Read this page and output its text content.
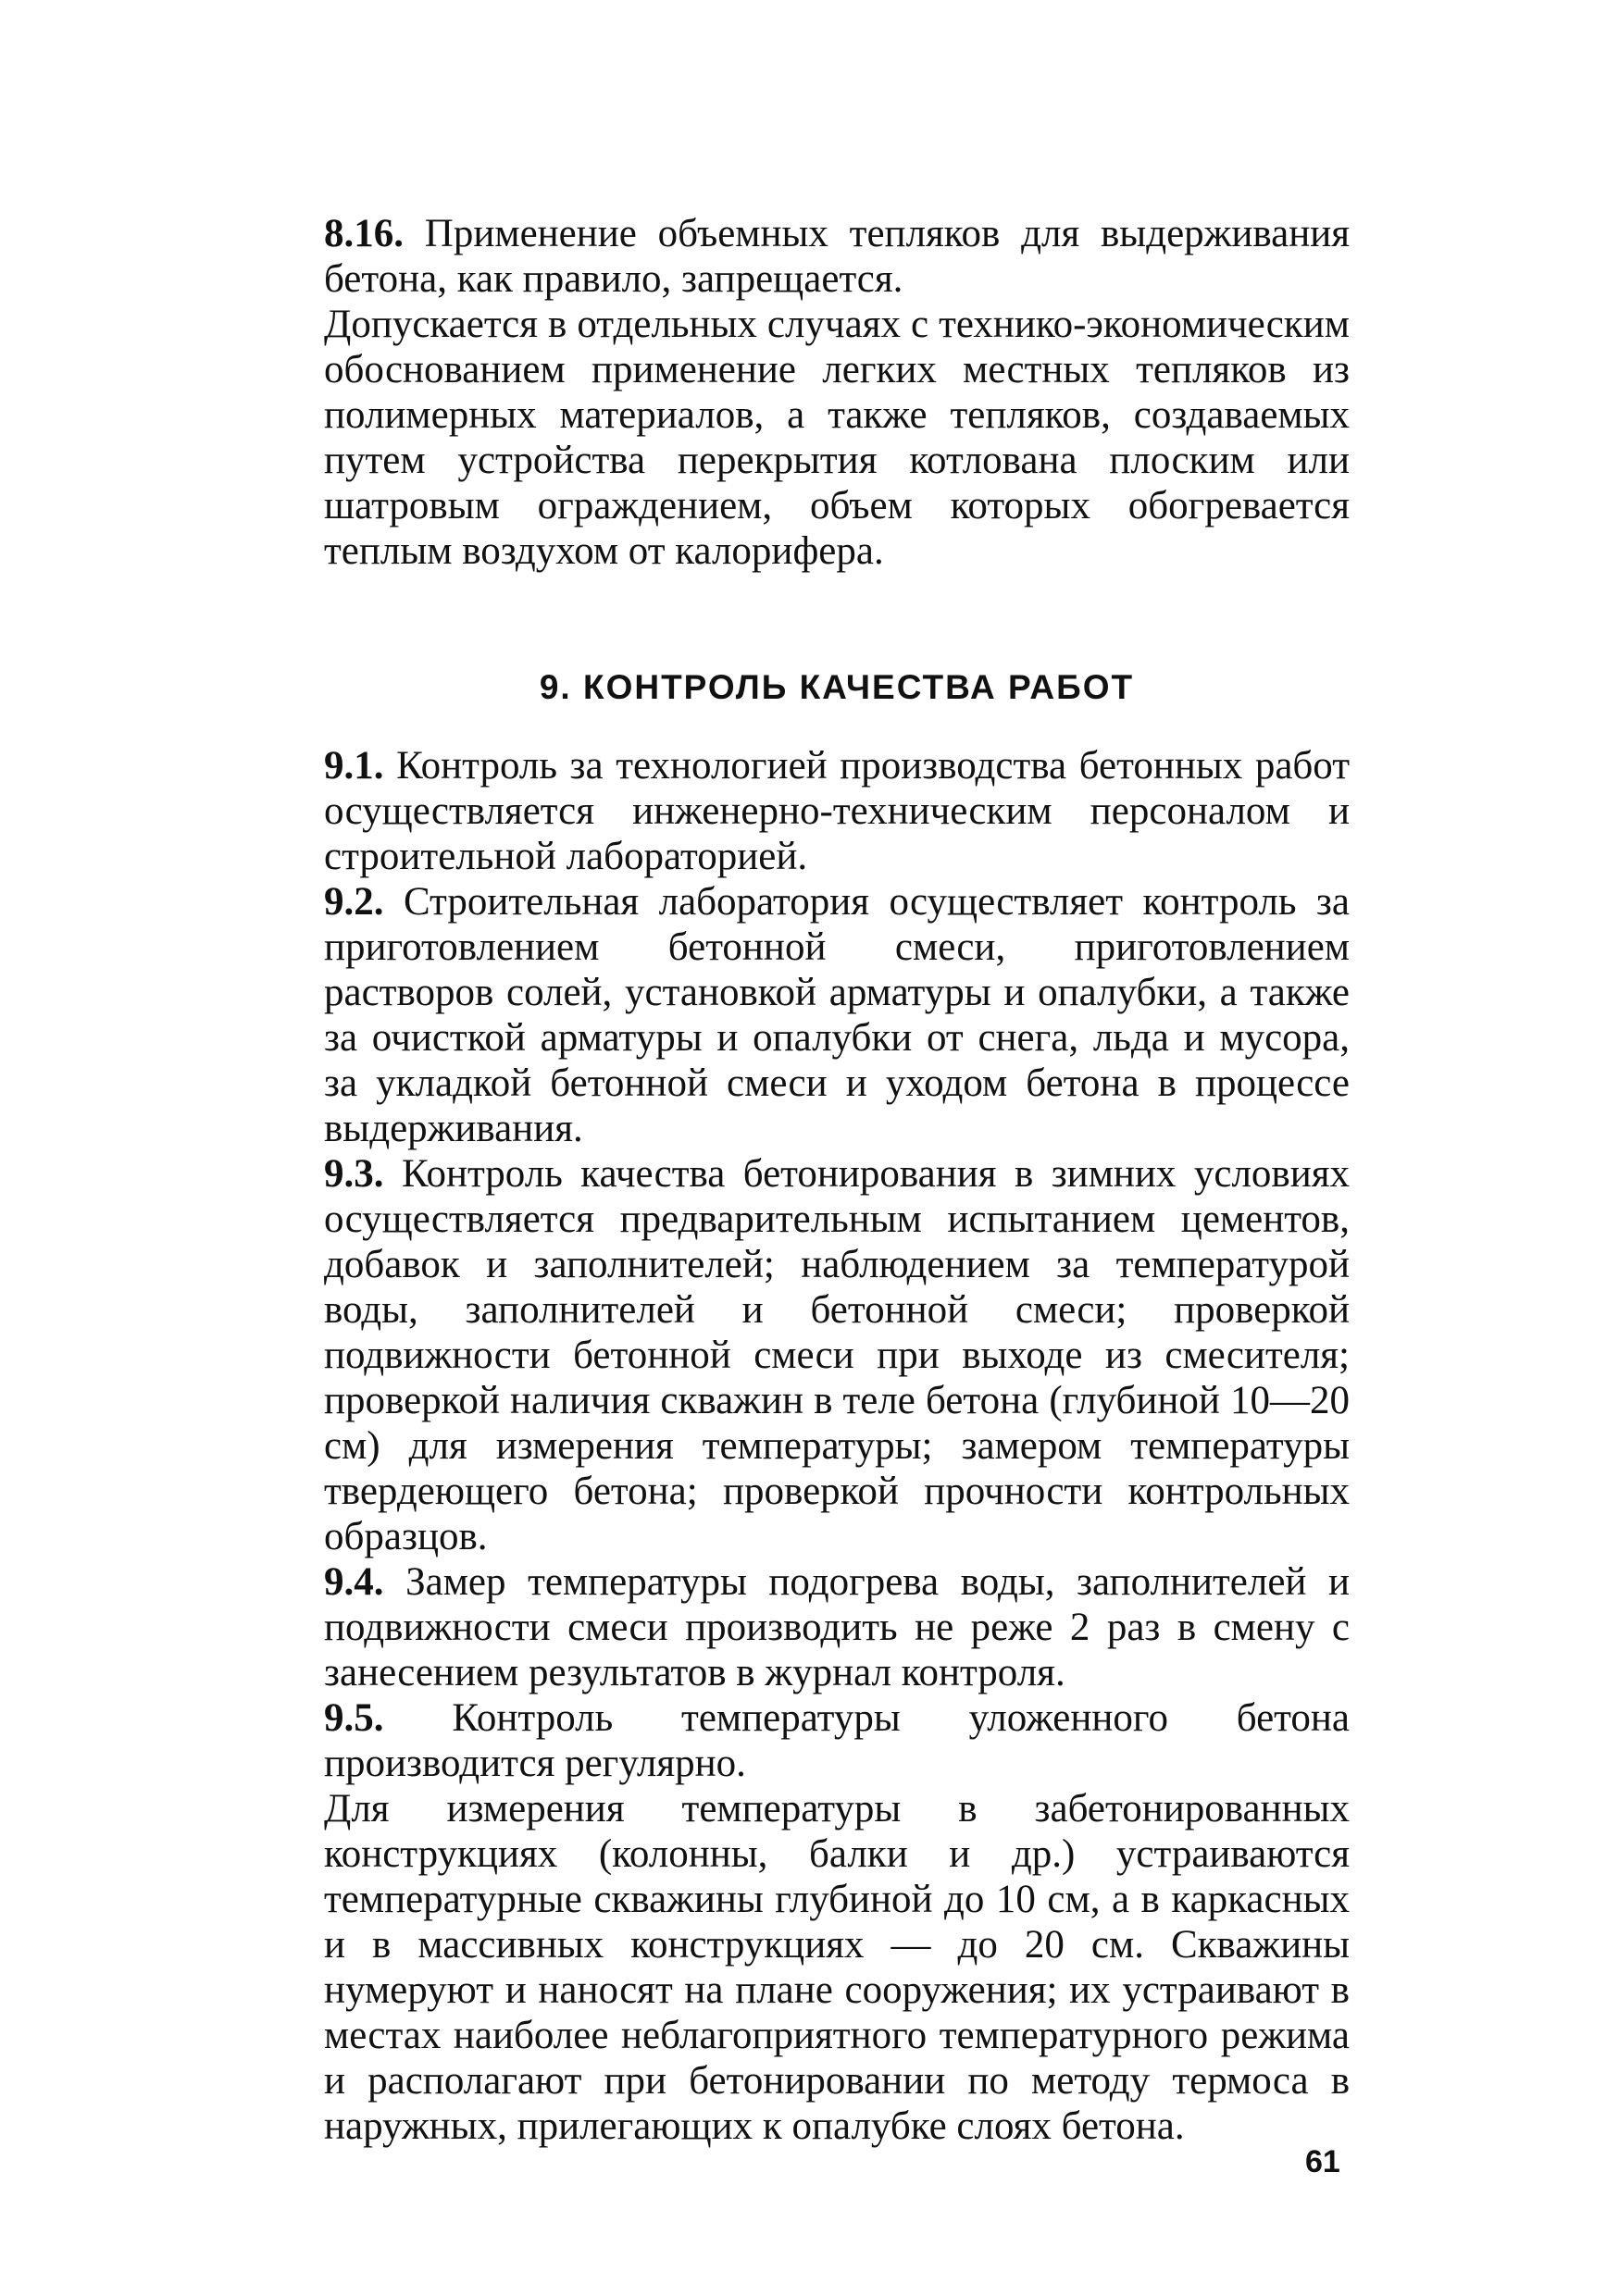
8.16. Применение объемных тепляков для выдерживания бетона, как правило, запрещается.

Допускается в отдельных случаях с технико-экономическим обоснованием применение легких местных тепляков из полимерных материалов, а также тепляков, создаваемых путем устройства перекрытия котлована плоским или шатровым ограждением, объем которых обогревается теплым воздухом от калорифера.

9. КОНТРОЛЬ КАЧЕСТВА РАБОТ

9.1. Контроль за технологией производства бетонных работ осуществляется инженерно-техническим персоналом и строительной лабораторией.

9.2. Строительная лаборатория осуществляет контроль за приготовлением бетонной смеси, приготовлением растворов солей, установкой арматуры и опалубки, а также за очисткой арматуры и опалубки от снега, льда и мусора, за укладкой бетонной смеси и уходом бетона в процессе выдерживания.

9.3. Контроль качества бетонирования в зимних условиях осуществляется предварительным испытанием цементов, добавок и заполнителей; наблюдением за температурой воды, заполнителей и бетонной смеси; проверкой подвижности бетонной смеси при выходе из смесителя; проверкой наличия скважин в теле бетона (глубиной 10—20 см) для измерения температуры; замером температуры твердеющего бетона; проверкой прочности контрольных образцов.

9.4. Замер температуры подогрева воды, заполнителей и подвижности смеси производить не реже 2 раз в смену с занесением результатов в журнал контроля.

9.5. Контроль температуры уложенного бетона производится регулярно.

Для измерения температуры в забетонированных конструкциях (колонны, балки и др.) устраиваются температурные скважины глубиной до 10 см, а в каркасных и в массивных конструкциях — до 20 см. Скважины нумеруют и наносят на плане сооружения; их устраивают в местах наиболее неблагоприятного температурного режима и располагают при бетонировании по методу термоса в наружных, прилегающих к опалубке слоях бетона.

61
